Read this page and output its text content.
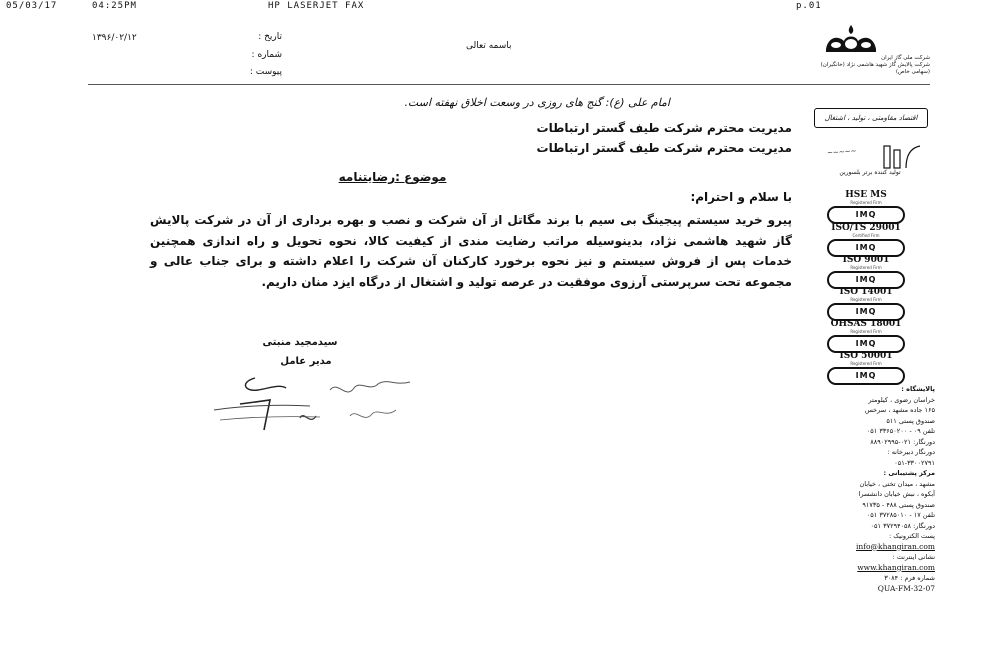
05/03/17	04:25PM	HP LASERJET FAX	p.01
۱۳۹۶/۰۲/۱۲	تاریخ :
شماره :
پیوست :
باسمه تعالی
شرکت ملی گاز ایران
شرکت پالایش گاز شهید هاشمی نژاد (خانگیران)
(سهامی خاص)
امام علی (ع): گنج های روزی در وسعت اخلاق نهفته است.
اقتصاد مقاومتی ، تولید ، اشتغال
مدیریت محترم شرکت طیف گستر ارتباطات
مدیریت محترم شرکت طیف گستر ارتباطات	~~~~~
تولید کننده برتر بلسورین
موضوع :رضایتنامه
با سلام و احترام:
پیرو خرید سیستم پیجینگ بی سیم با برند مگاتل از آن شرکت و نصب و بهره برداری از آن در شرکت پالایش گاز شهید هاشمی نژاد، بدینوسیله مراتب رضایت مندی از کیفیت کالا، نحوه تحویل و راه اندازی همچنین خدمات پس از فروش سیستم و نیز نحوه برخورد کارکنان آن شرکت را اعلام داشته و برای جناب عالی و مجموعه تحت سرپرستی آرزوی موفقیت در عرصه تولید و اشتغال از درگاه ایزد منان داریم.
سیدمجید منبتی
مدیر عامل
HSE MS
Registered Firm
IMQ
ISO/TS 29001
Certified Firm
IMQ
ISO 9001
Registered Firm
IMQ
ISO 14001
Registered Firm
IMQ
OHSAS 18001
Registered Firm
IMQ
ISO 50001
Registered Firm
IMQ
پالایشگاه :
خراسان رضوی ، کیلومتر
۱۶۵ جاده مشهد ، سرخس
صندوق پستی ۵۱۱
تلفن ۰۹ - ۳۳۶۵۰۲۰۰ ۰۵۱
دورنگار: ۰۲۱-۸۸۹۰۲۹۹۵
دورنگار دبیرخانه :
۰۵۱-۳۳۰۰۲۷۹۱
مرکز پشتیبانی :
مشهد ، میدان تختی ، خیابان
آبکوه ، نبش خیابان دانشسرا
صندوق پستی ۴۸۸ - ۹۱۷۳۵
تلفن ۱۷ - ۳۷۲۸۵۰۱۰ ۰۵۱
دورنگار: ۳۷۲۹۴۰۵۸ ۰۵۱
پست الکترونیک :
info@khangiran.com
نشانی اینترنت :
www.khangiran.com
شماره فرم : ۳۰۸۴
QUA-FM-32-07
